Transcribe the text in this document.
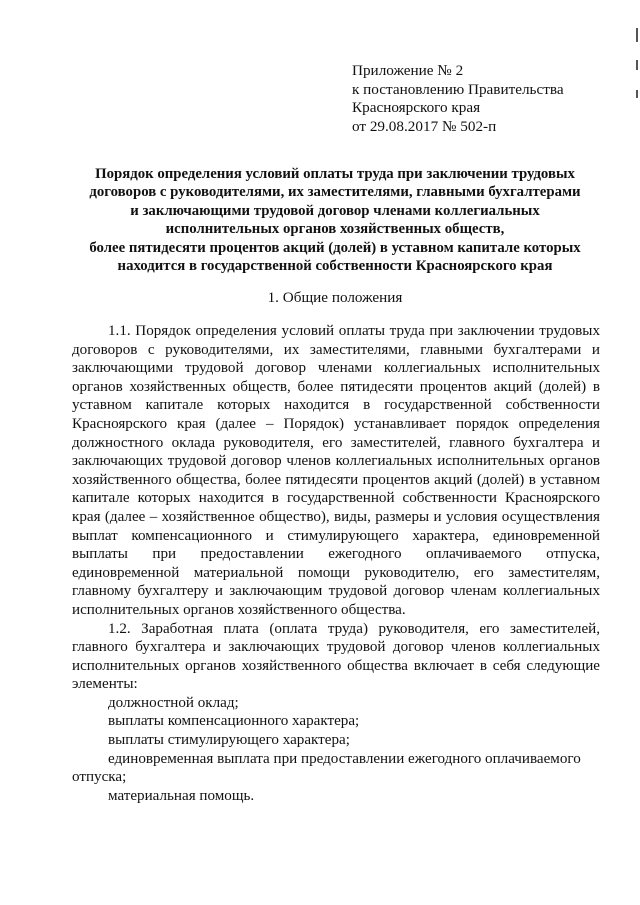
Приложение № 2
к постановлению Правительства
Красноярского края
от 29.08.2017 № 502-п
Порядок определения условий оплаты труда при заключении трудовых
договоров с руководителями, их заместителями, главными бухгалтерами
и заключающими трудовой договор членами коллегиальных
исполнительных органов хозяйственных обществ,
более пятидесяти процентов акций (долей) в уставном капитале которых
находится в государственной собственности Красноярского края
1. Общие положения

1.1. Порядок определения условий оплаты труда при заключении трудовых договоров с руководителями, их заместителями, главными бухгалтерами и заключающими трудовой договор членами коллегиальных исполнительных органов хозяйственных обществ, более пятидесяти процентов акций (долей) в уставном капитале которых находится в государственной собственности Красноярского края (далее – Порядок) устанавливает порядок определения должностного оклада руководителя, его заместителей, главного бухгалтера и заключающих трудовой договор членов коллегиальных исполнительных органов хозяйственного общества, более пятидесяти процентов акций (долей) в уставном капитале которых находится в государственной собственности Красноярского края (далее – хозяйственное общество), виды, размеры и условия осуществления выплат компенсационного и стимулирующего характера, единовременной выплаты при предоставлении ежегодного оплачиваемого отпуска, единовременной материальной помощи руководителю, его заместителям, главному бухгалтеру и заключающим трудовой договор членам коллегиальных исполнительных органов хозяйственного общества.

1.2. Заработная плата (оплата труда) руководителя, его заместителей, главного бухгалтера и заключающих трудовой договор членов коллегиальных исполнительных органов хозяйственного общества включает в себя следующие элементы:

должностной оклад;

выплаты компенсационного характера;

выплаты стимулирующего характера;

единовременная выплата при предоставлении ежегодного оплачиваемого отпуска;

материальная помощь.
